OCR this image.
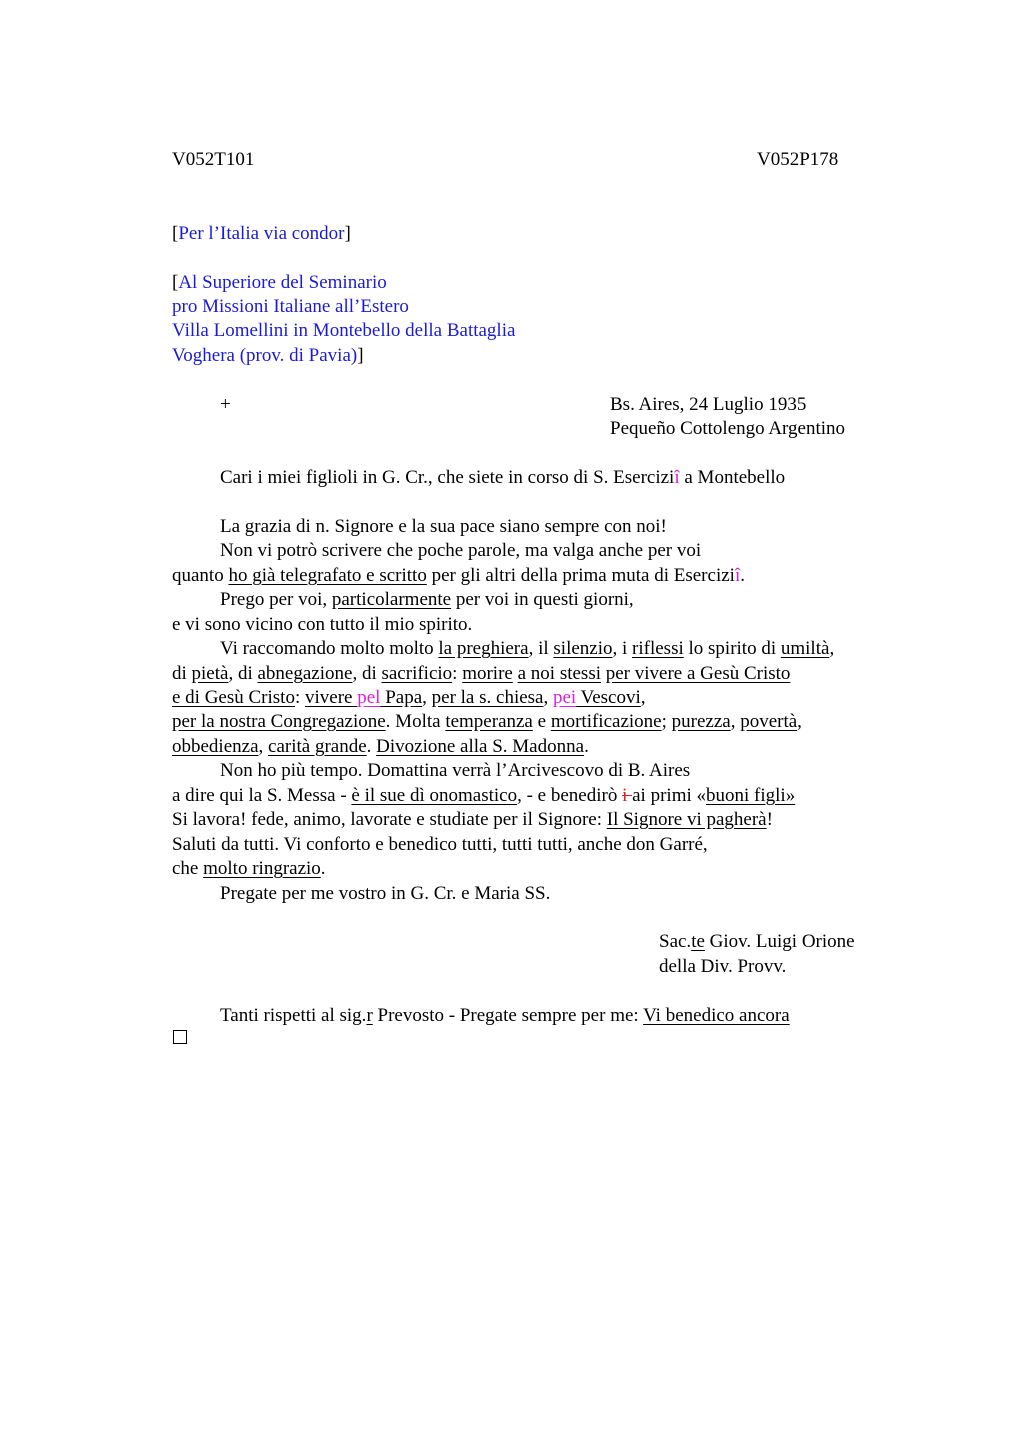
V052T101	V052P178
[Per l’Italia via condor]
[Al Superiore del Seminario
pro Missioni Italiane all’Estero
Villa Lomellini in Montebello della Battaglia
Voghera (prov. di Pavia)]
+	Bs. Aires, 24 Luglio 1935
Pequeño Cottolengo Argentino
Cari i miei figlioli in G. Cr., che siete in corso di S. Eserciziî a Montebello
La grazia di n. Signore e la sua pace siano sempre con noi!
Non vi potrò scrivere che poche parole, ma valga anche per voi
quanto ho già telegrafato e scritto per gli altri della prima muta di Eserciziî.
Prego per voi, particolarmente per voi in questi giorni,
e vi sono vicino con tutto il mio spirito.
Vi raccomando molto molto la preghiera, il silenzio, i riflessi lo spirito di umiltà,
di pietà, di abnegazione, di sacrificio: morire a noi stessi per vivere a Gesù Cristo
e di Gesù Cristo: vivere pel Papa, per la s. chiesa, pei Vescovi,
per la nostra Congregazione. Molta temperanza e mortificazione; purezza, povertà,
obbedienza, carità grande. Divozione alla S. Madonna.
Non ho più tempo. Domattina verrà l’Arcivescovo di B. Aires
a dire qui la S. Messa - è il sue dì onomastico, - e benedirò i ai primi «buoni figli»
Si lavora! fede, animo, lavorate e studiate per il Signore: Il Signore vi pagherà!
Saluti da tutti. Vi conforto e benedico tutti, tutti tutti, anche don Garré,
che molto ringrazio.
Pregate per me vostro in G. Cr. e Maria SS.
Sac.te Giov. Luigi Orione
della Div. Provv.
Tanti rispetti al sig.r Prevosto - Pregate sempre per me: Vi benedico ancora
